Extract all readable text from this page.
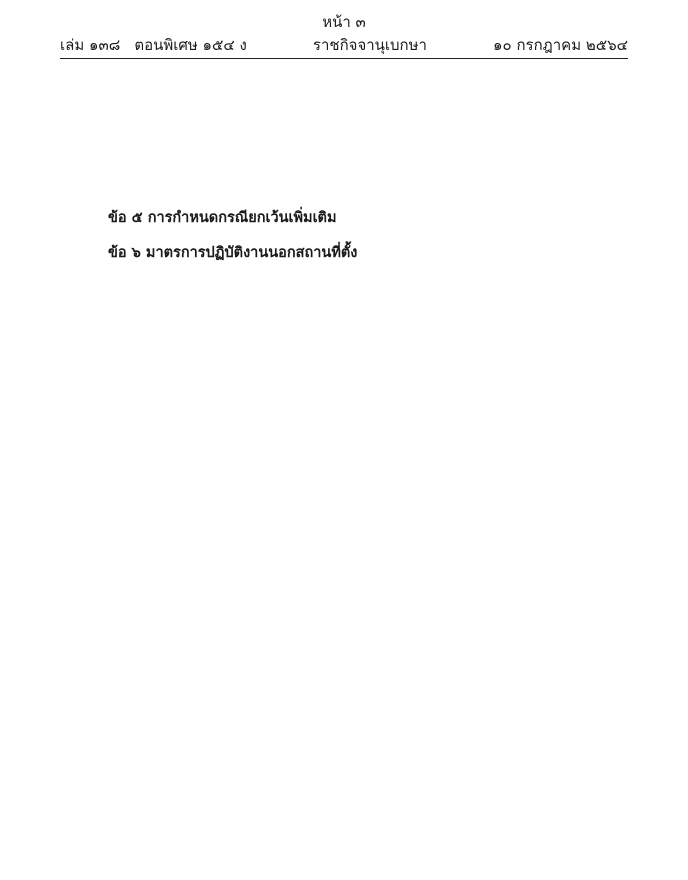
หน้า ๓
เล่ม ๑๓๘ ตอนพิเศษ ๑๕๔ ง	ราชกิจจานุเบกษา	๑๐ กรกฎาคม ๒๕๖๔

ข้อ ๕ การกำหนดกรณียกเว้นเพิ่มเติม

ข้อ ๖ มาตรการปฏิบัติงานนอกสถานที่ตั้ง
